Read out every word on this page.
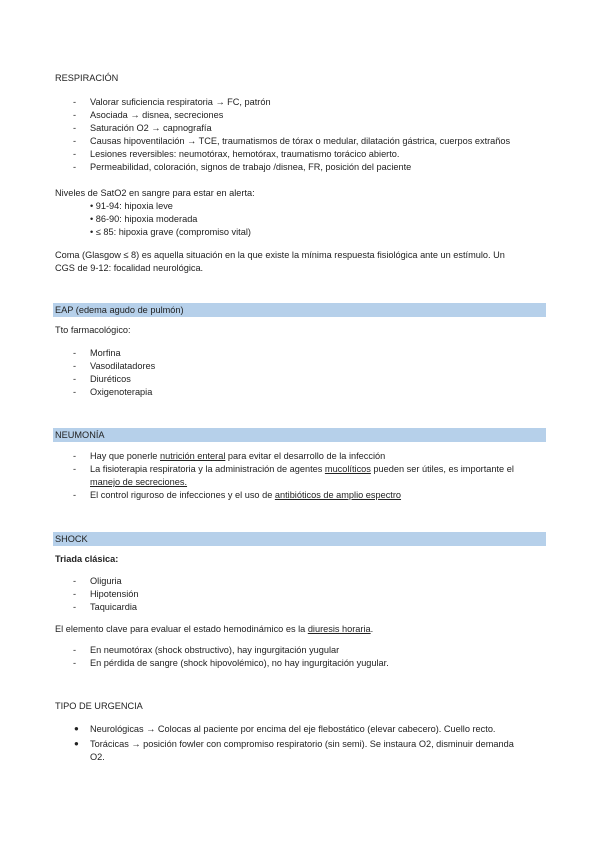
RESPIRACIÓN
- Valorar suficiencia respiratoria → FC, patrón
- Asociada → disnea, secreciones
- Saturación O2 → capnografía
- Causas hipoventilación → TCE, traumatismos de tórax o medular, dilatación gástrica, cuerpos extraños
- Lesiones reversibles: neumotórax, hemotórax, traumatismo torácico abierto.
- Permeabilidad, coloración, signos de trabajo /disnea, FR, posición del paciente
Niveles de SatO2 en sangre para estar en alerta:
• 91-94: hipoxia leve
• 86-90: hipoxia moderada
• ≤ 85: hipoxia grave (compromiso vital)
Coma (Glasgow ≤ 8) es aquella situación en la que existe la mínima respuesta fisiológica ante un estímulo. Un
CGS de 9-12: focalidad neurológica.
EAP (edema agudo de pulmón)
Tto farmacológico:
- Morfina
- Vasodilatadores
- Diuréticos
- Oxigenoterapia
NEUMONÍA
- Hay que ponerle nutrición enteral para evitar el desarrollo de la infección
- La fisioterapia respiratoria y la administración de agentes mucolíticos pueden ser útiles, es importante el
manejo de secreciones.
- El control riguroso de infecciones y el uso de antibióticos de amplio espectro
SHOCK
Triada clásica:
- Oliguria
- Hipotensión
- Taquicardia
El elemento clave para evaluar el estado hemodinámico es la diuresis horaria.
- En neumotórax (shock obstructivo), hay ingurgitación yugular
- En pérdida de sangre (shock hipovolémico), no hay ingurgitación yugular.
TIPO DE URGENCIA
● Neurológicas → Colocas al paciente por encima del eje flebostático (elevar cabecero). Cuello recto.
● Torácicas → posición fowler con compromiso respiratorio (sin semi). Se instaura O2, disminuir demanda
O2.
